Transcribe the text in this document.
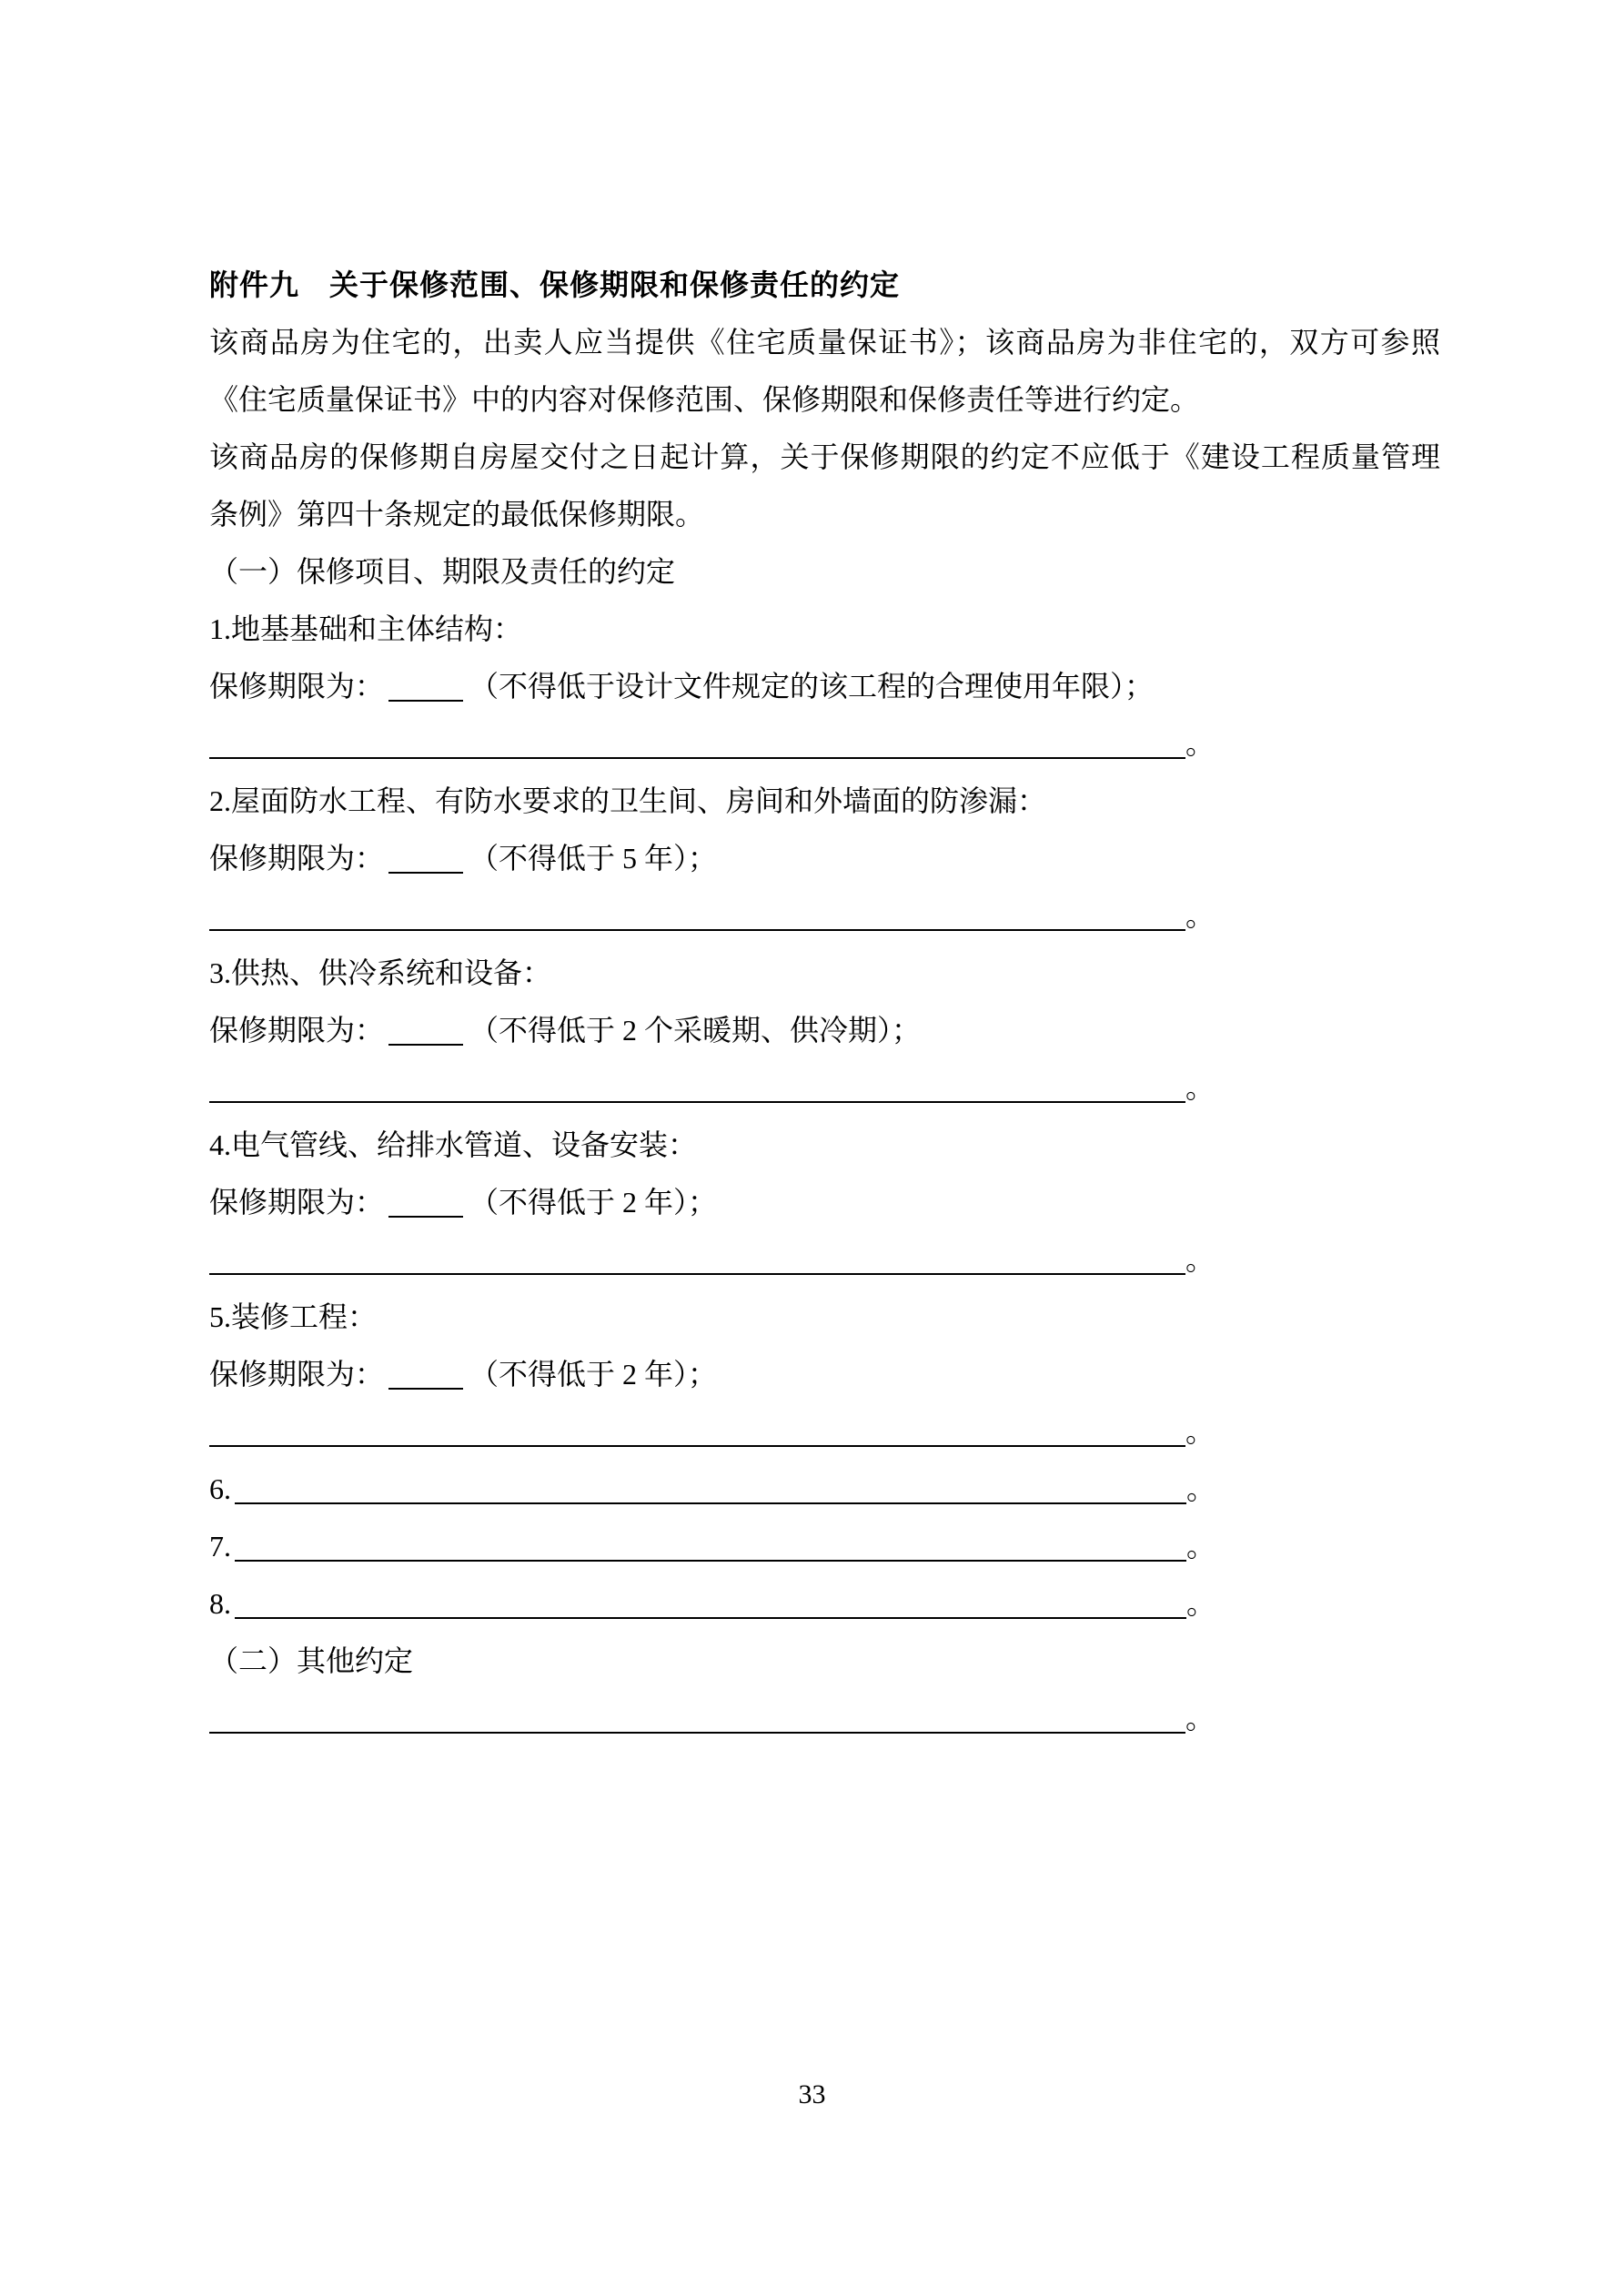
附件九　关于保修范围、保修期限和保修责任的约定
该商品房为住宅的，出卖人应当提供《住宅质量保证书》；该商品房为非住宅的，双方可参照
《住宅质量保证书》中的内容对保修范围、保修期限和保修责任等进行约定。
该商品房的保修期自房屋交付之日起计算，关于保修期限的约定不应低于《建设工程质量管理
条例》第四十条规定的最低保修期限。
（一）保修项目、期限及责任的约定
1.地基基础和主体结构：
保修期限为：	（不得低于设计文件规定的该工程的合理使用年限）；
。
2.屋面防水工程、有防水要求的卫生间、房间和外墙面的防渗漏：
保修期限为：	（不得低于 5 年）；
。
3.供热、供冷系统和设备：
保修期限为：	（不得低于 2 个采暖期、供冷期）；
。
4.电气管线、给排水管道、设备安装：
保修期限为：	（不得低于 2 年）；
。
5.装修工程：
保修期限为：	（不得低于 2 年）；
。
6.	。
7.	。
8.	。
（二）其他约定
。
33
